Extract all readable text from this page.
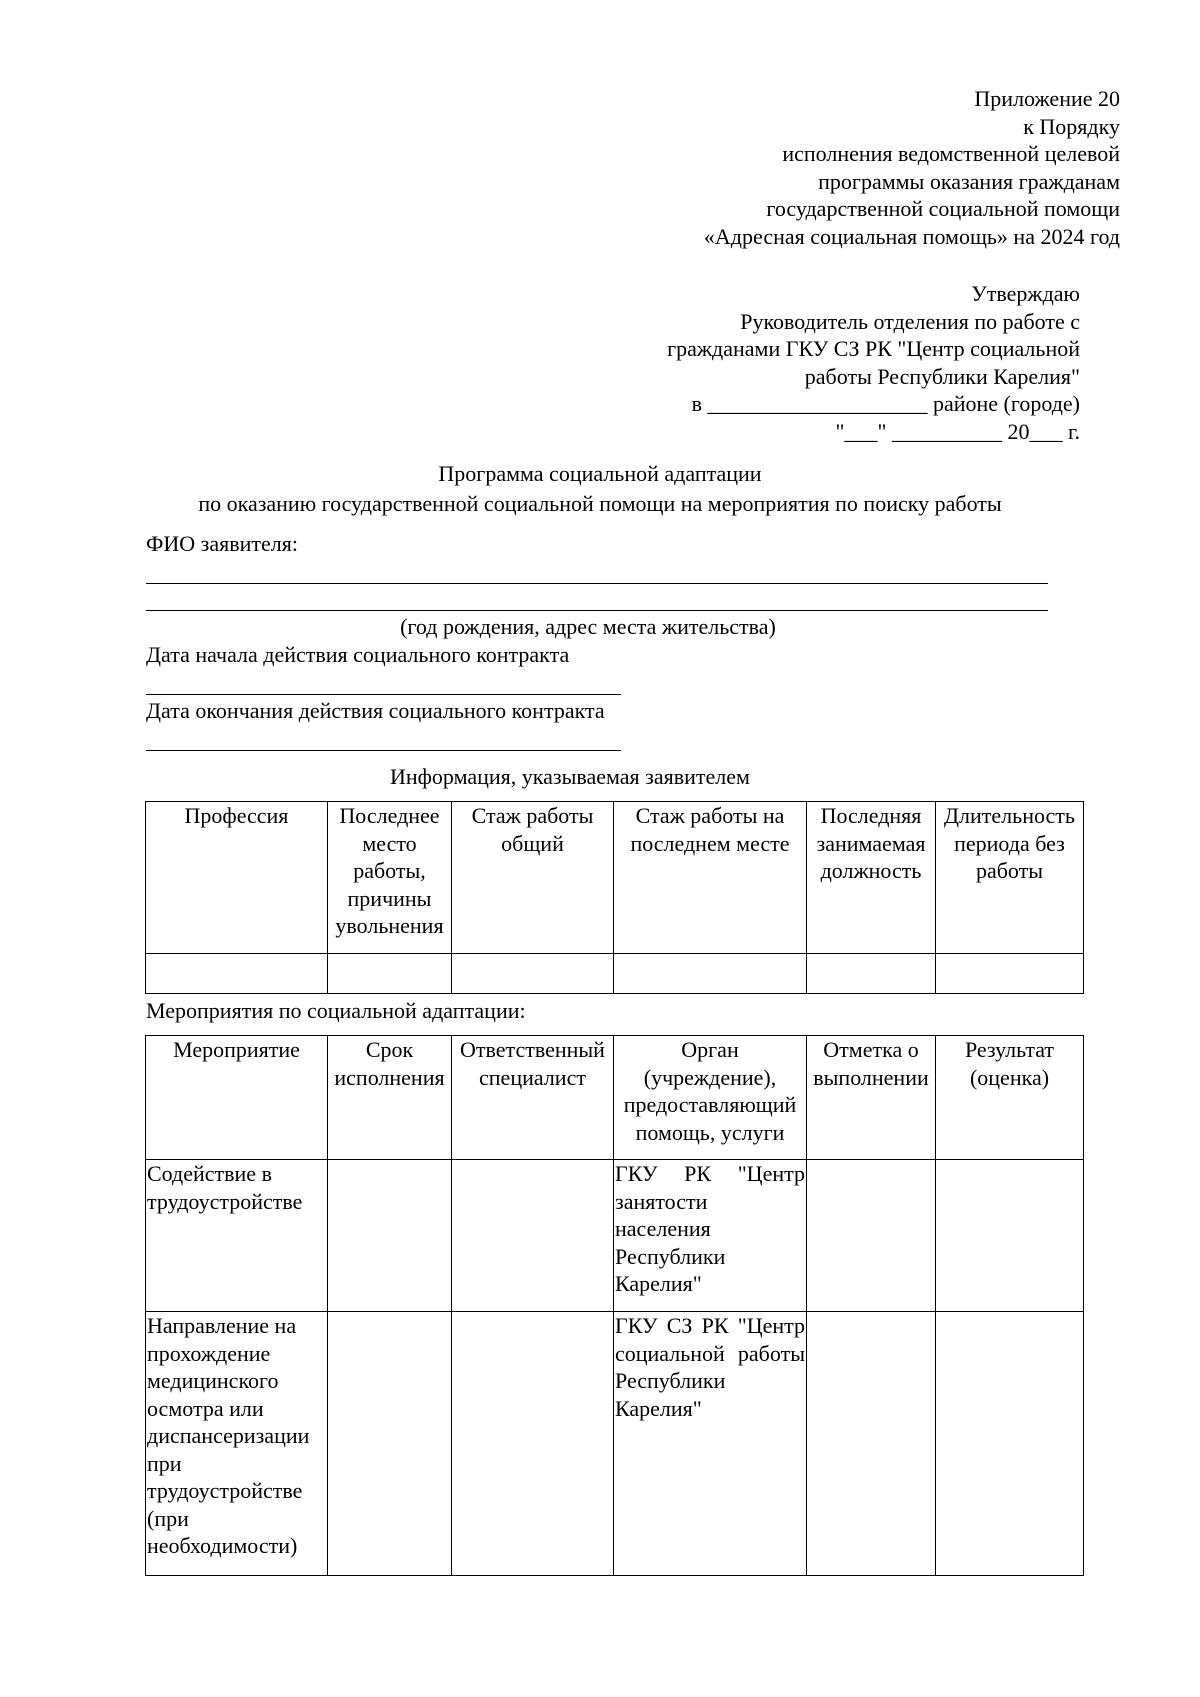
Приложение 20
к Порядку
исполнения ведомственной целевой
программы оказания гражданам
государственной социальной помощи
«Адресная социальная помощь» на 2024 год
Утверждаю
Руководитель отделения по работе с
гражданами ГКУ СЗ РК "Центр социальной
работы Республики Карелия"
в ____________________ районе (городе)
"___" __________ 20___ г.
Программа социальной адаптации
по оказанию государственной социальной помощи на мероприятия по поиску работы
ФИО заявителя:
(год рождения, адрес места жительства)
Дата начала действия социального контракта
Дата окончания действия социального контракта
Информация, указываемая заявителем
Профессия	Последнее место работы, причины увольнения	Стаж работы общий	Стаж работы на последнем месте	Последняя занимаемая должность	Длительность периода без работы

Мероприятия по социальной адаптации:
Мероприятие	Срок исполнения	Ответственный специалист	Орган (учреждение), предоставляющий помощь, услуги	Отметка о выполнении	Результат (оценка)
Содействие в трудоустройстве			ГКУ РК "Центр занятости населения Республики Карелия"		
Направление на прохождение медицинского осмотра или диспансеризации при трудоустройстве (при необходимости)			ГКУ СЗ РК "Центр социальной работы Республики Карелия"		
